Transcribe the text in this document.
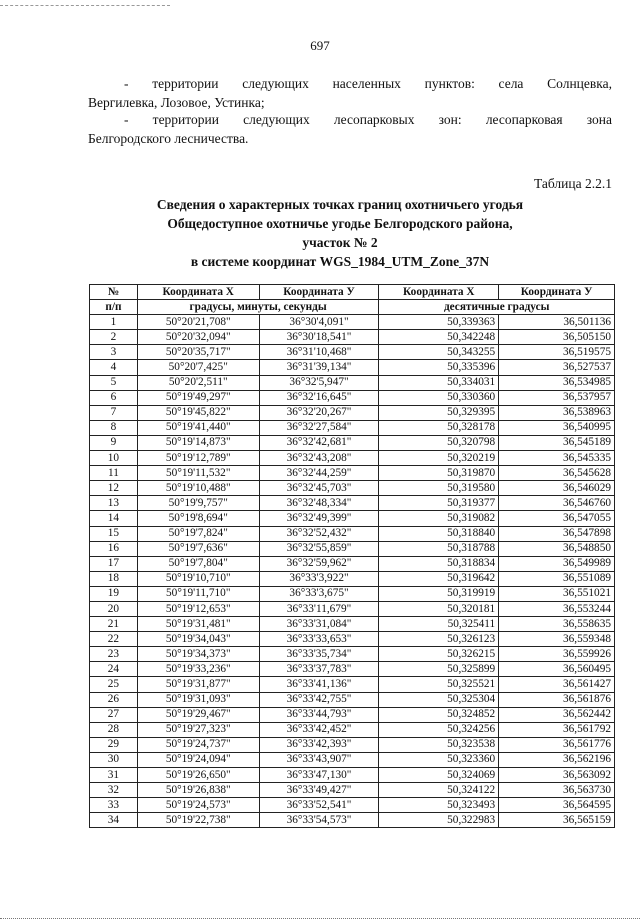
697
- территории следующих населенных пунктов: села Солнцевка,
Вергилевка, Лозовое, Устинка;
- территории следующих лесопарковых зон: лесопарковая зона
Белгородского лесничества.
Таблица 2.2.1
Сведения о характерных точках границ охотничьего угодья
Общедоступное охотничье угодье Белгородского района,
участок № 2
в системе координат WGS_1984_UTM_Zone_37N
№	Координата X	Координата У	Координата X	Координата У
п/п	градусы, минуты, секунды		десятичные градусы	
1	50°20'21,708"	36°30'4,091"	50,339363	36,501136
2	50°20'32,094"	36°30'18,541"	50,342248	36,505150
3	50°20'35,717"	36°31'10,468"	50,343255	36,519575
4	50°20'7,425"	36°31'39,134"	50,335396	36,527537
5	50°20'2,511"	36°32'5,947"	50,334031	36,534985
6	50°19'49,297"	36°32'16,645"	50,330360	36,537957
7	50°19'45,822"	36°32'20,267"	50,329395	36,538963
8	50°19'41,440"	36°32'27,584"	50,328178	36,540995
9	50°19'14,873"	36°32'42,681"	50,320798	36,545189
10	50°19'12,789"	36°32'43,208"	50,320219	36,545335
11	50°19'11,532"	36°32'44,259"	50,319870	36,545628
12	50°19'10,488"	36°32'45,703"	50,319580	36,546029
13	50°19'9,757"	36°32'48,334"	50,319377	36,546760
14	50°19'8,694"	36°32'49,399"	50,319082	36,547055
15	50°19'7,824"	36°32'52,432"	50,318840	36,547898
16	50°19'7,636"	36°32'55,859"	50,318788	36,548850
17	50°19'7,804"	36°32'59,962"	50,318834	36,549989
18	50°19'10,710"	36°33'3,922"	50,319642	36,551089
19	50°19'11,710"	36°33'3,675"	50,319919	36,551021
20	50°19'12,653"	36°33'11,679"	50,320181	36,553244
21	50°19'31,481"	36°33'31,084"	50,325411	36,558635
22	50°19'34,043"	36°33'33,653"	50,326123	36,559348
23	50°19'34,373"	36°33'35,734"	50,326215	36,559926
24	50°19'33,236"	36°33'37,783"	50,325899	36,560495
25	50°19'31,877"	36°33'41,136"	50,325521	36,561427
26	50°19'31,093"	36°33'42,755"	50,325304	36,561876
27	50°19'29,467"	36°33'44,793"	50,324852	36,562442
28	50°19'27,323"	36°33'42,452"	50,324256	36,561792
29	50°19'24,737"	36°33'42,393"	50,323538	36,561776
30	50°19'24,094"	36°33'43,907"	50,323360	36,562196
31	50°19'26,650"	36°33'47,130"	50,324069	36,563092
32	50°19'26,838"	36°33'49,427"	50,324122	36,563730
33	50°19'24,573"	36°33'52,541"	50,323493	36,564595
34	50°19'22,738"	36°33'54,573"	50,322983	36,565159
